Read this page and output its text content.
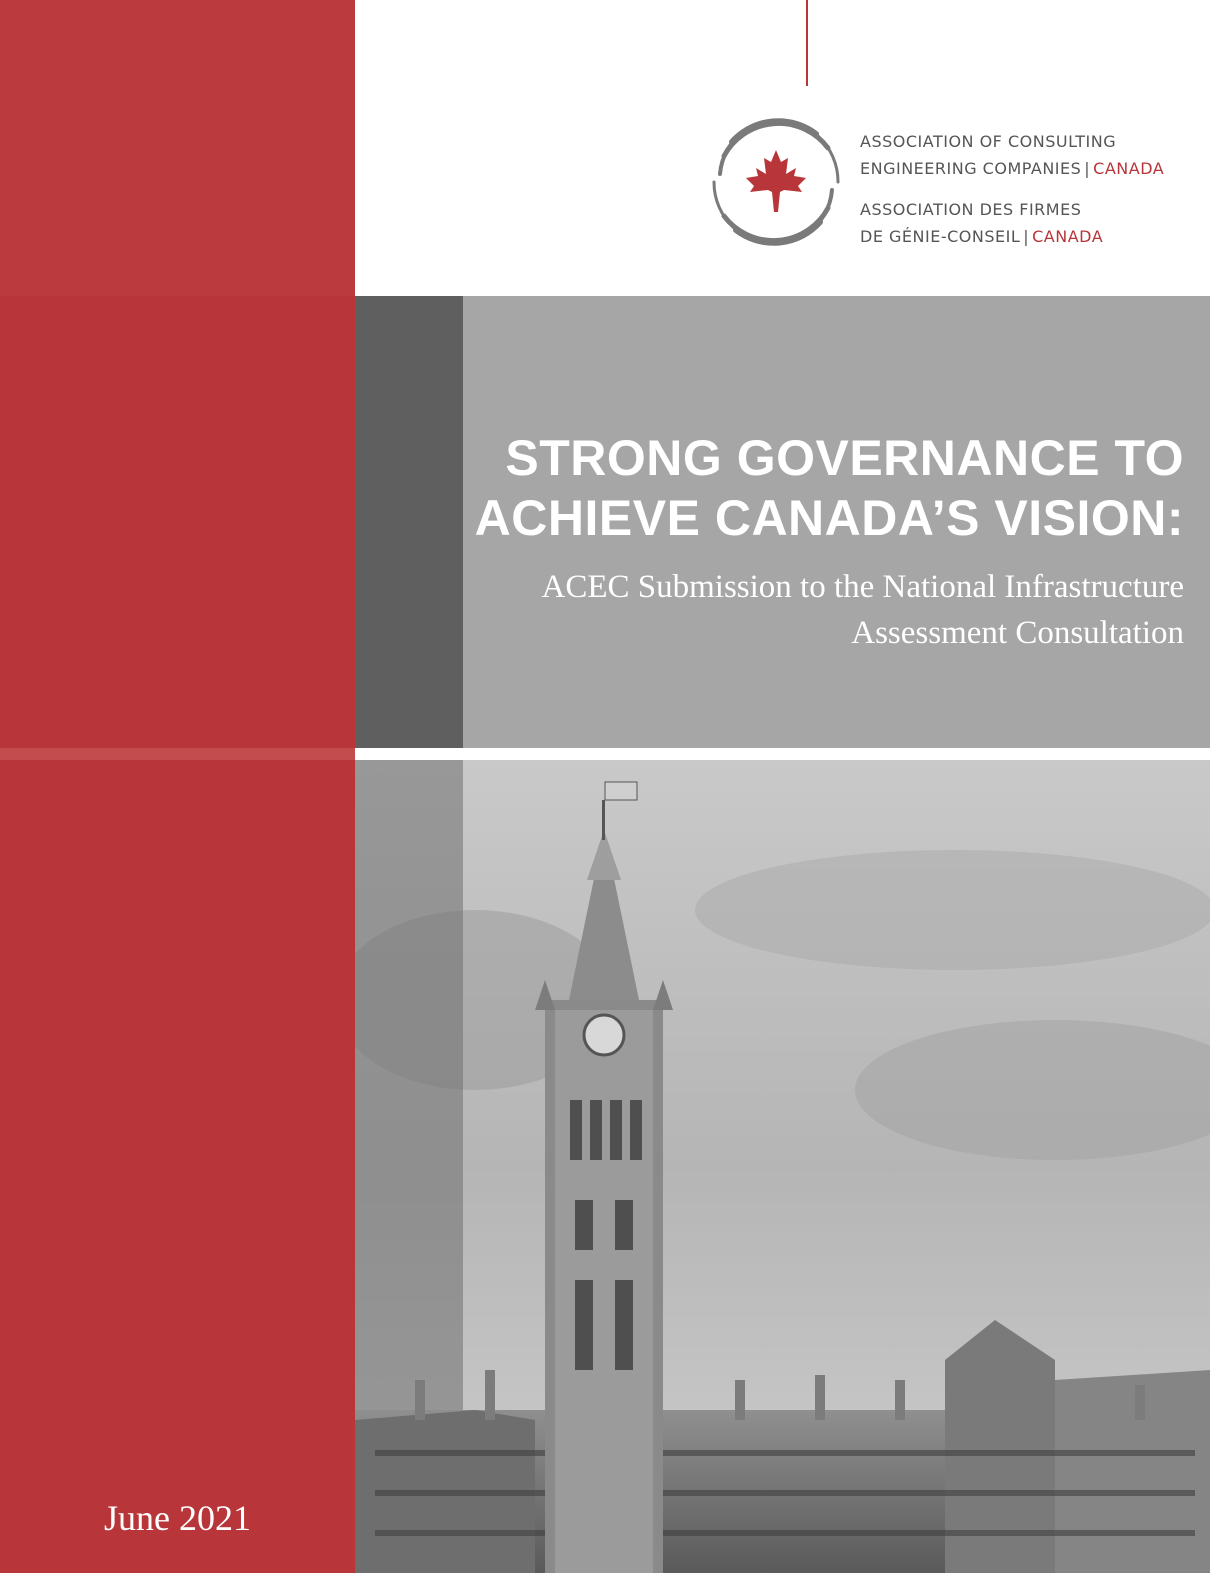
June 2021
ASSOCIATION OF CONSULTING
ENGINEERING COMPANIES | CANADA
ASSOCIATION DES FIRMES
DE GÉNIE-CONSEIL | CANADA
STRONG GOVERNANCE TO
ACHIEVE CANADA’S VISION:
ACEC Submission to the National Infrastructure
Assessment Consultation
